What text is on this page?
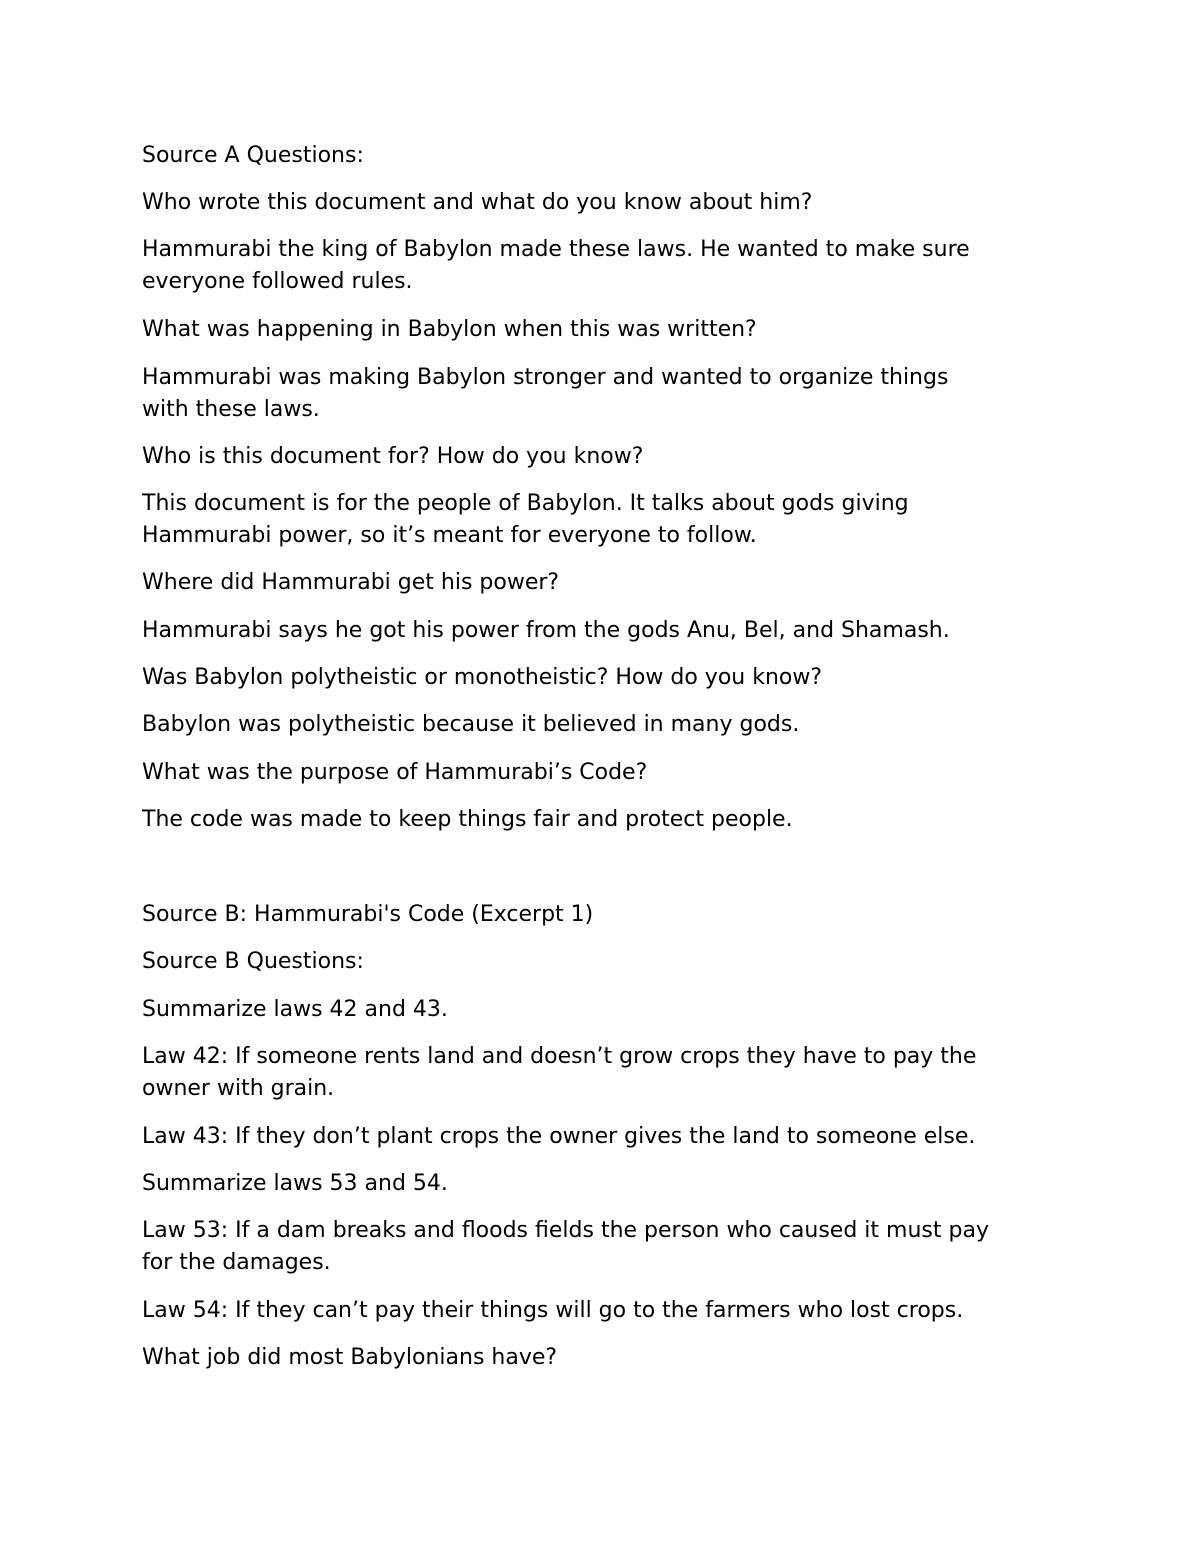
Source A Questions:

Who wrote this document and what do you know about him?

Hammurabi the king of Babylon made these laws. He wanted to make sure
everyone followed rules.

What was happening in Babylon when this was written?

Hammurabi was making Babylon stronger and wanted to organize things
with these laws.

Who is this document for? How do you know?

This document is for the people of Babylon. It talks about gods giving
Hammurabi power, so it’s meant for everyone to follow.

Where did Hammurabi get his power?

Hammurabi says he got his power from the gods Anu, Bel, and Shamash.

Was Babylon polytheistic or monotheistic? How do you know?

Babylon was polytheistic because it believed in many gods.

What was the purpose of Hammurabi’s Code?

The code was made to keep things fair and protect people.

Source B: Hammurabi's Code (Excerpt 1)

Source B Questions:

Summarize laws 42 and 43.

Law 42: If someone rents land and doesn’t grow crops they have to pay the
owner with grain.

Law 43: If they don’t plant crops the owner gives the land to someone else.

Summarize laws 53 and 54.

Law 53: If a dam breaks and floods fields the person who caused it must pay
for the damages.

Law 54: If they can’t pay their things will go to the farmers who lost crops.

What job did most Babylonians have?
